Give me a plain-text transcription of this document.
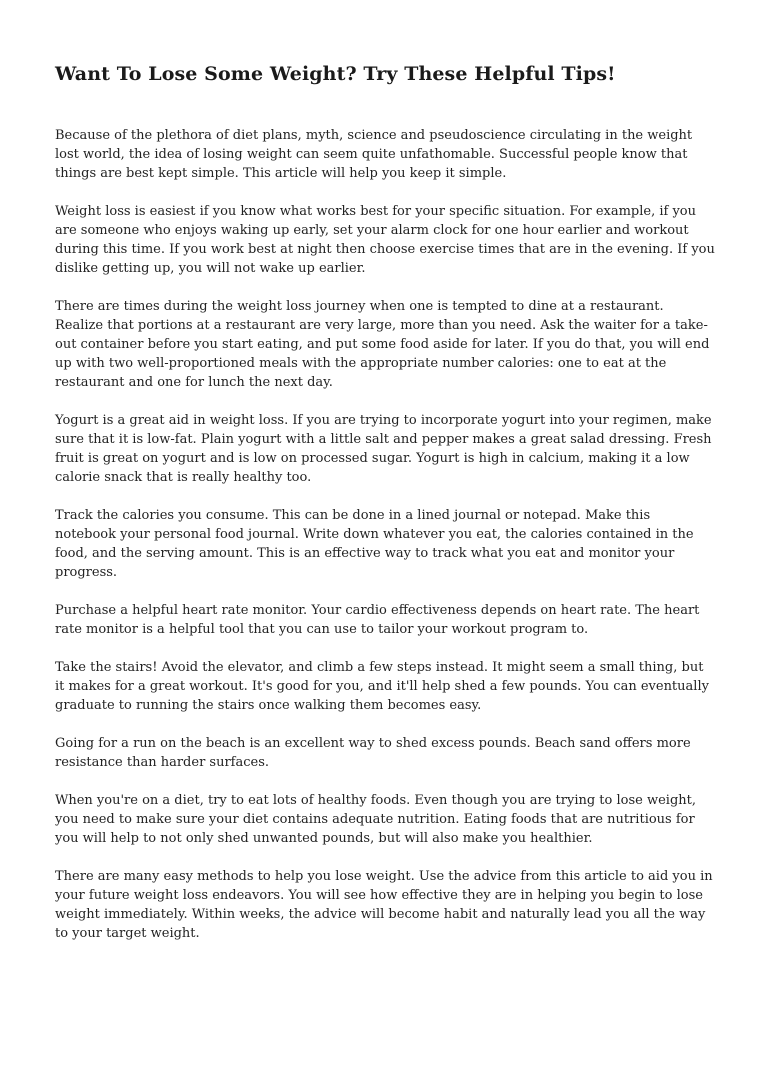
Want To Lose Some Weight? Try These Helpful Tips!

Because of the plethora of diet plans, myth, science and pseudoscience circulating in the weight lost world, the idea of losing weight can seem quite unfathomable. Successful people know that things are best kept simple. This article will help you keep it simple.

Weight loss is easiest if you know what works best for your specific situation. For example, if you are someone who enjoys waking up early, set your alarm clock for one hour earlier and workout during this time. If you work best at night then choose exercise times that are in the evening. If you dislike getting up, you will not wake up earlier.

There are times during the weight loss journey when one is tempted to dine at a restaurant. Realize that portions at a restaurant are very large, more than you need. Ask the waiter for a take-out container before you start eating, and put some food aside for later. If you do that, you will end up with two well-proportioned meals with the appropriate number calories: one to eat at the restaurant and one for lunch the next day.

Yogurt is a great aid in weight loss. If you are trying to incorporate yogurt into your regimen, make sure that it is low-fat. Plain yogurt with a little salt and pepper makes a great salad dressing. Fresh fruit is great on yogurt and is low on processed sugar. Yogurt is high in calcium, making it a low calorie snack that is really healthy too.

Track the calories you consume. This can be done in a lined journal or notepad. Make this notebook your personal food journal. Write down whatever you eat, the calories contained in the food, and the serving amount. This is an effective way to track what you eat and monitor your progress.

Purchase a helpful heart rate monitor. Your cardio effectiveness depends on heart rate. The heart rate monitor is a helpful tool that you can use to tailor your workout program to.

Take the stairs! Avoid the elevator, and climb a few steps instead. It might seem a small thing, but it makes for a great workout. It's good for you, and it'll help shed a few pounds. You can eventually graduate to running the stairs once walking them becomes easy.

Going for a run on the beach is an excellent way to shed excess pounds. Beach sand offers more resistance than harder surfaces.

When you're on a diet, try to eat lots of healthy foods. Even though you are trying to lose weight, you need to make sure your diet contains adequate nutrition. Eating foods that are nutritious for you will help to not only shed unwanted pounds, but will also make you healthier.

There are many easy methods to help you lose weight. Use the advice from this article to aid you in your future weight loss endeavors. You will see how effective they are in helping you begin to lose weight immediately. Within weeks, the advice will become habit and naturally lead you all the way to your target weight.
